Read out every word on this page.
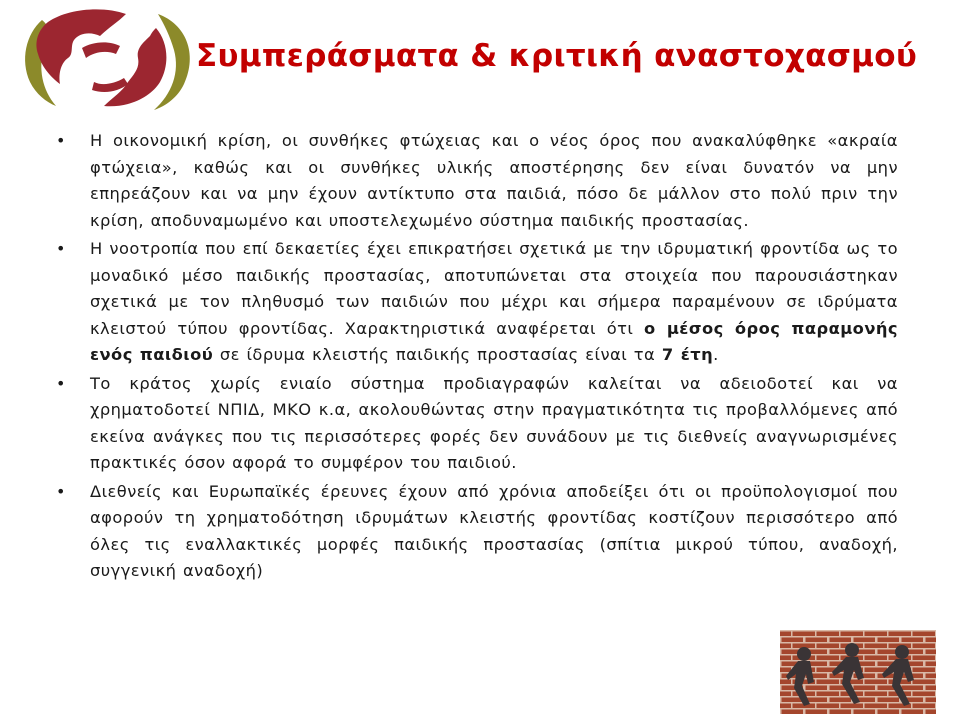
ΣΚΛΕ Συμπεράσματα & κριτική αναστοχασμού
• Η οικονομική κρίση, οι συνθήκες φτώχειας και ο νέος όρος που ανακαλύφθηκε «ακραία φτώχεια», καθώς και οι συνθήκες υλικής αποστέρησης δεν είναι δυνατόν να μην επηρεάζουν και να μην έχουν αντίκτυπο στα παιδιά, πόσο δε μάλλον στο πολύ πριν την κρίση, αποδυναμωμένο και υποστελεχωμένο σύστημα παιδικής προστασίας.
• Η νοοτροπία που επί δεκαετίες έχει επικρατήσει σχετικά με την ιδρυματική φροντίδα ως το μοναδικό μέσο παιδικής προστασίας, αποτυπώνεται στα στοιχεία που παρουσιάστηκαν σχετικά με τον πληθυσμό των παιδιών που μέχρι και σήμερα παραμένουν σε ιδρύματα κλειστού τύπου φροντίδας. Χαρακτηριστικά αναφέρεται ότι ο μέσος όρος παραμονής ενός παιδιού σε ίδρυμα κλειστής παιδικής προστασίας είναι τα 7 έτη.
• Το κράτος χωρίς ενιαίο σύστημα προδιαγραφών καλείται να αδειοδοτεί και να χρηματοδοτεί ΝΠΙΔ, ΜΚΟ κ.α, ακολουθώντας στην πραγματικότητα τις προβαλλόμενες από εκείνα ανάγκες που τις περισσότερες φορές δεν συνάδουν με τις διεθνείς αναγνωρισμένες πρακτικές όσον αφορά το συμφέρον του παιδιού.
• Διεθνείς και Ευρωπαϊκές έρευνες έχουν από χρόνια αποδείξει ότι οι προϋπολογισμοί που αφορούν τη χρηματοδότηση ιδρυμάτων κλειστής φροντίδας κοστίζουν περισσότερο από όλες τις εναλλακτικές μορφές παιδικής προστασίας (σπίτια μικρού τύπου, αναδοχή, συγγενική αναδοχή)
